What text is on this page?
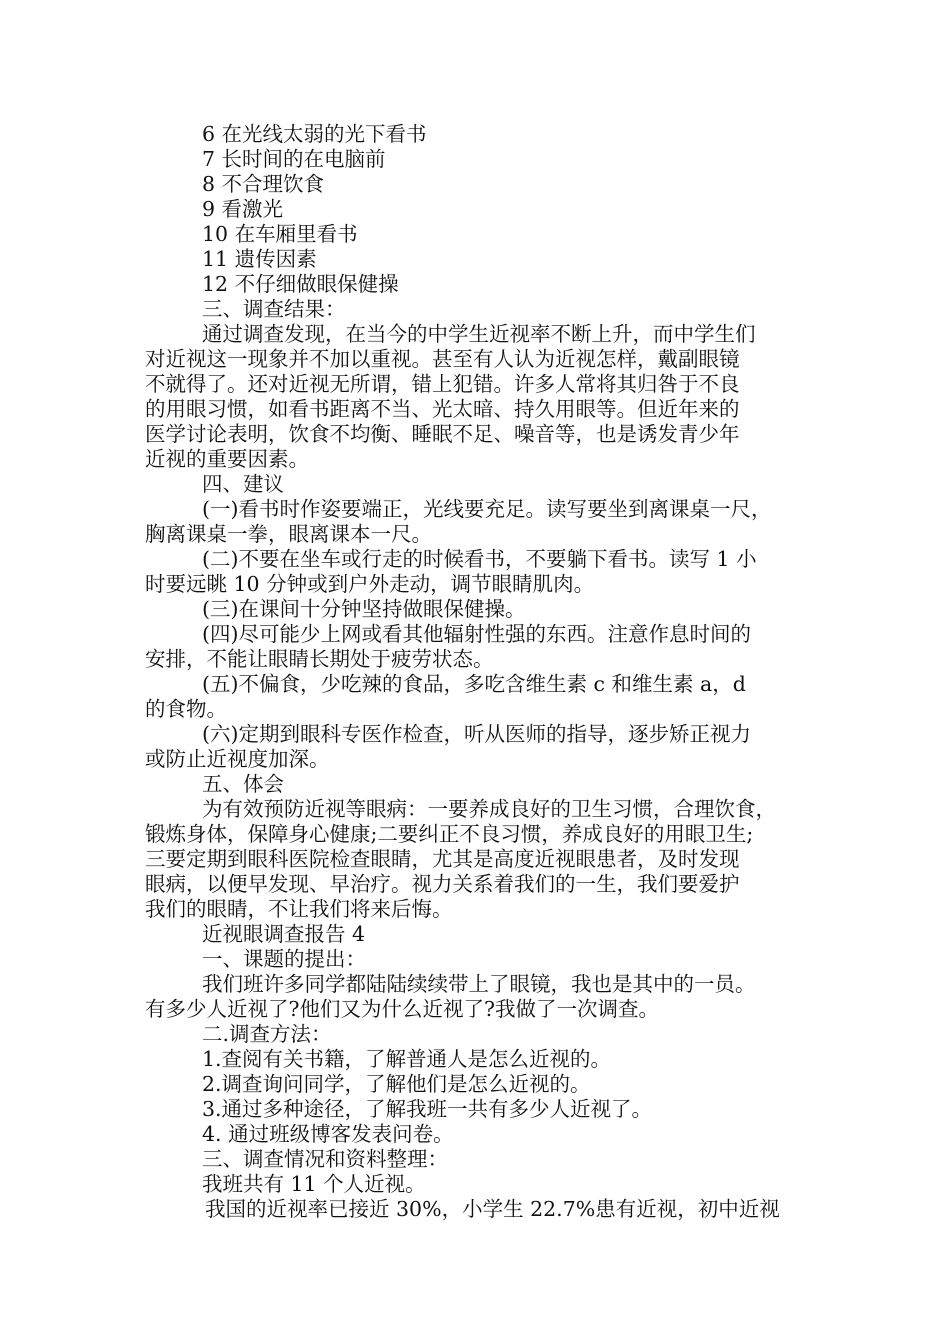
6 在光线太弱的光下看书
7 长时间的在电脑前
8 不合理饮食
9 看激光
10 在车厢里看书
11 遗传因素
12 不仔细做眼保健操
三、调查结果：
通过调查发现，在当今的中学生近视率不断上升，而中学生们
对近视这一现象并不加以重视。甚至有人认为近视怎样，戴副眼镜
不就得了。还对近视无所谓，错上犯错。许多人常将其归咎于不良
的用眼习惯，如看书距离不当、光太暗、持久用眼等。但近年来的
医学讨论表明，饮食不均衡、睡眠不足、噪音等，也是诱发青少年
近视的重要因素。
四、建议
(一)看书时作姿要端正，光线要充足。读写要坐到离课桌一尺，
胸离课桌一拳，眼离课本一尺。
(二)不要在坐车或行走的时候看书，不要躺下看书。读写 1 小
时要远眺 10 分钟或到户外走动，调节眼睛肌肉。
(三)在课间十分钟坚持做眼保健操。
(四)尽可能少上网或看其他辐射性强的东西。注意作息时间的
安排，不能让眼睛长期处于疲劳状态。
(五)不偏食，少吃辣的食品，多吃含维生素 c 和维生素 a，d
的食物。
(六)定期到眼科专医作检查，听从医师的指导，逐步矫正视力
或防止近视度加深。
五、体会
为有效预防近视等眼病：一要养成良好的卫生习惯，合理饮食，
锻炼身体，保障身心健康;二要纠正不良习惯，养成良好的用眼卫生;
三要定期到眼科医院检查眼睛，尤其是高度近视眼患者，及时发现
眼病，以便早发现、早治疗。视力关系着我们的一生，我们要爱护
我们的眼睛，不让我们将来后悔。
近视眼调查报告 4
一、课题的提出：
我们班许多同学都陆陆续续带上了眼镜，我也是其中的一员。
有多少人近视了?他们又为什么近视了?我做了一次调查。
二.调查方法：
1.查阅有关书籍，了解普通人是怎么近视的。
2.调查询问同学，了解他们是怎么近视的。
3.通过多种途径，了解我班一共有多少人近视了。
4. 通过班级博客发表问卷。
三、调查情况和资料整理：
我班共有 11 个人近视。
我国的近视率已接近 30%，小学生 22.7%患有近视，初中近视
